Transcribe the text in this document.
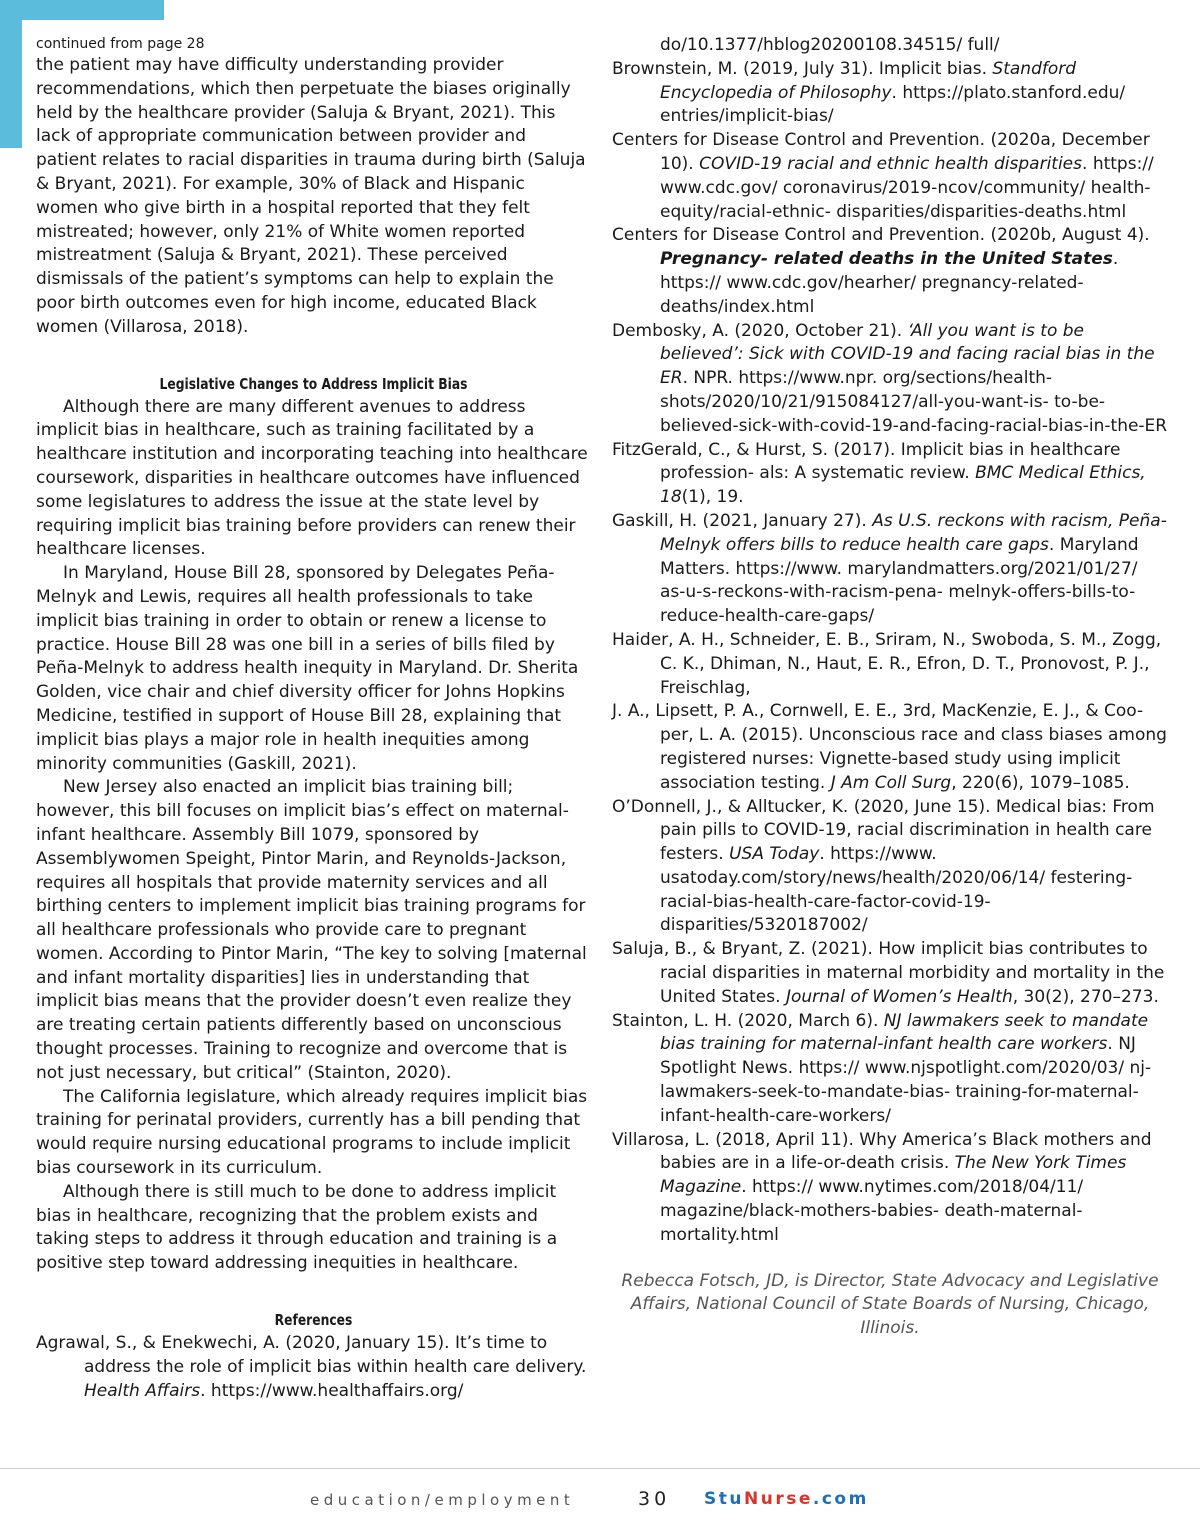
continued from page 28

the patient may have difficulty understanding provider recommendations, which then perpetuate the biases originally held by the healthcare provider (Saluja & Bryant, 2021). This lack of appropriate communication between provider and patient relates to racial disparities in trauma during birth (Saluja & Bryant, 2021). For example, 30% of Black and Hispanic women who give birth in a hospital reported that they felt mistreated; however, only 21% of White women reported mistreatment (Saluja & Bryant, 2021). These perceived dismissals of the patient’s symptoms can help to explain the poor birth outcomes even for high income, educated Black women (Villarosa, 2018).

Legislative Changes to Address Implicit Bias

Although there are many different avenues to address implicit bias in healthcare, such as training facilitated by a healthcare institution and incorporating teaching into healthcare coursework, disparities in healthcare outcomes have influenced some legislatures to address the issue at the state level by requiring implicit bias training before providers can renew their healthcare licenses.

In Maryland, House Bill 28, sponsored by Delegates Peña-Melnyk and Lewis, requires all health professionals to take implicit bias training in order to obtain or renew a license to practice. House Bill 28 was one bill in a series of bills filed by Peña-Melnyk to address health inequity in Maryland. Dr. Sherita Golden, vice chair and chief diversity officer for Johns Hopkins Medicine, testified in support of House Bill 28, explaining that implicit bias plays a major role in health inequities among minority communities (Gaskill, 2021).

New Jersey also enacted an implicit bias training bill; however, this bill focuses on implicit bias’s effect on maternal-infant healthcare. Assembly Bill 1079, sponsored by Assemblywomen Speight, Pintor Marin, and Reynolds-Jackson, requires all hospitals that provide maternity services and all birthing centers to implement implicit bias training programs for all healthcare professionals who provide care to pregnant women. According to Pintor Marin, “The key to solving [maternal and infant mortality disparities] lies in understanding that implicit bias means that the provider doesn’t even realize they are treating certain patients differently based on unconscious thought processes. Training to recognize and overcome that is not just necessary, but critical” (Stainton, 2020).

The California legislature, which already requires implicit bias training for perinatal providers, currently has a bill pending that would require nursing educational programs to include implicit bias coursework in its curriculum.

Although there is still much to be done to address implicit bias in healthcare, recognizing that the problem exists and taking steps to address it through education and training is a positive step toward addressing inequities in healthcare.

References

Agrawal, S., & Enekwechi, A. (2020, January 15). It’s time to address the role of implicit bias within health care delivery. Health Affairs. https://www.healthaffairs.org/

do/10.1377/hblog20200108.34515/ full/

Brownstein, M. (2019, July 31). Implicit bias. Standford Encyclopedia of Philosophy. https://plato.stanford.edu/ entries/implicit-bias/

Centers for Disease Control and Prevention. (2020a, December 10). COVID-19 racial and ethnic health disparities. https:// www.cdc.gov/ coronavirus/2019-ncov/community/ health-equity/racial-ethnic- disparities/disparities-deaths.html

Centers for Disease Control and Prevention. (2020b, August 4). Pregnancy- related deaths in the United States. https:// www.cdc.gov/hearher/ pregnancy-related-deaths/index.html

Dembosky, A. (2020, October 21). ‘All you want is to be believed’: Sick with COVID-19 and facing racial bias in the ER. NPR. https://www.npr. org/sections/health-shots/2020/10/21/915084127/all-you-want-is- to-be-believed-sick-with-covid-19-and-facing-racial-bias-in-the-ER

FitzGerald, C., & Hurst, S. (2017). Implicit bias in healthcare profession- als: A systematic review. BMC Medical Ethics, 18(1), 19.

Gaskill, H. (2021, January 27). As U.S. reckons with racism, Peña-Melnyk offers bills to reduce health care gaps. Maryland Matters. https://www. marylandmatters.org/2021/01/27/ as-u-s-reckons-with-racism-pena- melnyk-offers-bills-to-reduce-health-care-gaps/

Haider, A. H., Schneider, E. B., Sriram, N., Swoboda, S. M., Zogg, C. K., Dhiman, N., Haut, E. R., Efron, D. T., Pronovost, P. J., Freischlag,

J. A., Lipsett, P. A., Cornwell, E. E., 3rd, MacKenzie, E. J., & Coo- per, L. A. (2015). Unconscious race and class biases among registered nurses: Vignette-based study using implicit association testing. J Am Coll Surg, 220(6), 1079–1085.

O’Donnell, J., & Alltucker, K. (2020, June 15). Medical bias: From pain pills to COVID-19, racial discrimination in health care festers. USA Today. https://www. usatoday.com/story/news/health/2020/06/14/ festering-racial-bias-health-care-factor-covid-19-disparities/5320187002/

Saluja, B., & Bryant, Z. (2021). How implicit bias contributes to racial disparities in maternal morbidity and mortality in the United States. Journal of Women’s Health, 30(2), 270–273.

Stainton, L. H. (2020, March 6). NJ lawmakers seek to mandate bias training for maternal-infant health care workers. NJ Spotlight News. https:// www.njspotlight.com/2020/03/ nj-lawmakers-seek-to-mandate-bias- training-for-maternal-infant-health-care-workers/

Villarosa, L. (2018, April 11). Why America’s Black mothers and babies are in a life-or-death crisis. The New York Times Magazine. https:// www.nytimes.com/2018/04/11/ magazine/black-mothers-babies- death-maternal-mortality.html

Rebecca Fotsch, JD, is Director, State Advocacy and Legislative Affairs, National Council of State Boards of Nursing, Chicago, Illinois.

education/employment	30 StuNurse.com
